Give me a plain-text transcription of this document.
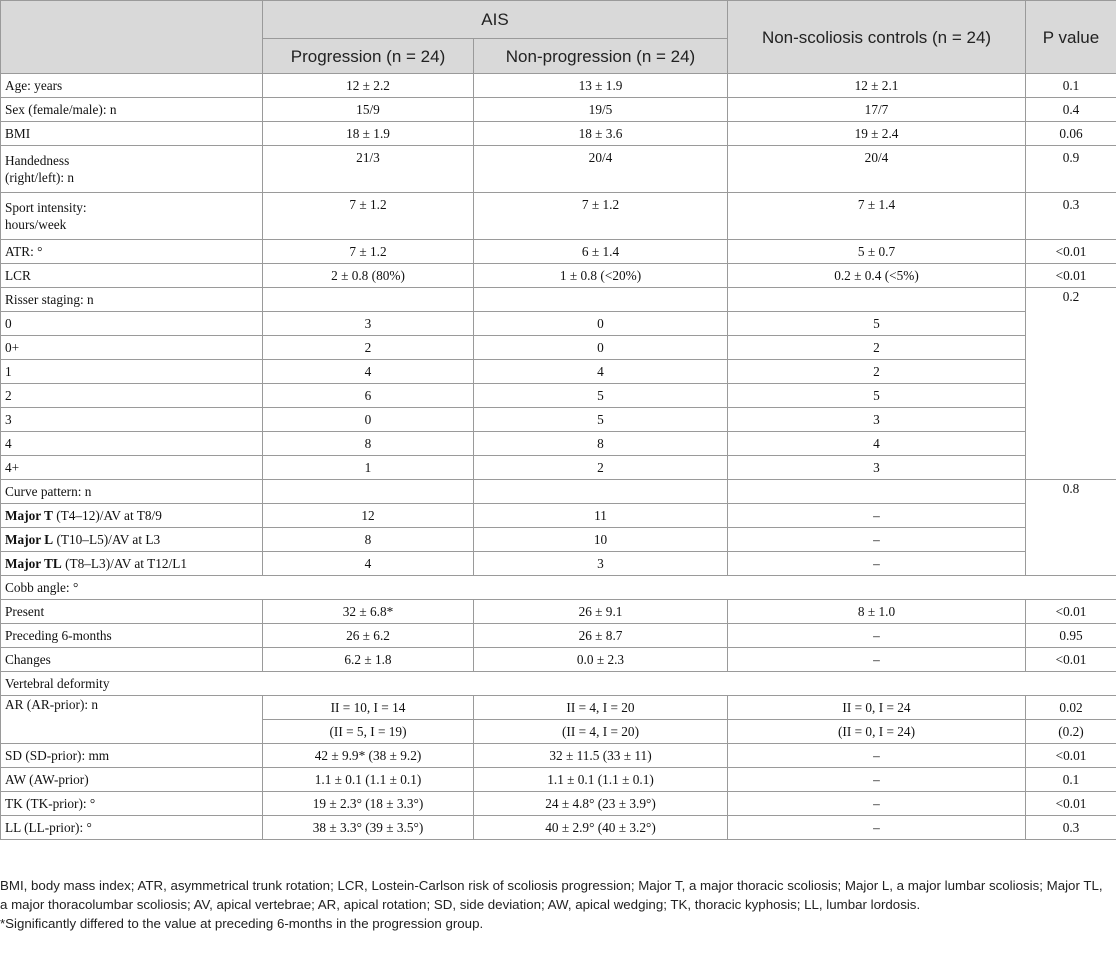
	AIS		Non-scoliosis controls (n = 24)	P value
	Progression (n = 24)	Non-progression (n = 24)		
Age: years	12 ± 2.2	13 ± 1.9	12 ± 2.1	0.1
Sex (female/male): n	15/9	19/5	17/7	0.4
BMI	18 ± 1.9	18 ± 3.6	19 ± 2.4	0.06
Handedness
(right/left): n	21/3	20/4	20/4	0.9
Sport intensity:
hours/week	7 ± 1.2	7 ± 1.2	7 ± 1.4	0.3
ATR: °	7 ± 1.2	6 ± 1.4	5 ± 0.7	<0.01
LCR	2 ± 0.8 (80%)	1 ± 0.8 (<20%)	0.2 ± 0.4 (<5%)	<0.01
Risser staging: n				0.2
0	3	0	5	
0+	2	0	2	
1	4	4	2	
2	6	5	5	
3	0	5	3	
4	8	8	4	
4+	1	2	3	
Curve pattern: n				0.8
Major T (T4–12)/AV at T8/9	12	11	–	
Major L (T10–L5)/AV at L3	8	10	–	
Major TL (T8–L3)/AV at T12/L1	4	3	–	
Cobb angle: °				
Present	32 ± 6.8*	26 ± 9.1	8 ± 1.0	<0.01
Preceding 6-months	26 ± 6.2	26 ± 8.7	–	0.95
Changes	6.2 ± 1.8	0.0 ± 2.3	–	<0.01
Vertebral deformity				
AR (AR-prior): n	II = 10, I = 14	II = 4, I = 20	II = 0, I = 24	0.02
	(II = 5, I = 19)	(II = 4, I = 20)	(II = 0, I = 24)	(0.2)
SD (SD-prior): mm	42 ± 9.9* (38 ± 9.2)	32 ± 11.5 (33 ± 11)	–	<0.01
AW (AW-prior)	1.1 ± 0.1 (1.1 ± 0.1)	1.1 ± 0.1 (1.1 ± 0.1)	–	0.1
TK (TK-prior): °	19 ± 2.3° (18 ± 3.3°)	24 ± 4.8° (23 ± 3.9°)	–	<0.01
LL (LL-prior): °	38 ± 3.3° (39 ± 3.5°)	40 ± 2.9° (40 ± 3.2°)	–	0.3

BMI, body mass index; ATR, asymmetrical trunk rotation; LCR, Lostein-Carlson risk of scoliosis progression; Major T, a major thoracic scoliosis; Major L, a major lumbar scoliosis; Major TL, a major thoracolumbar scoliosis; AV, apical vertebrae; AR, apical rotation; SD, side deviation; AW, apical wedging; TK, thoracic kyphosis; LL, lumbar lordosis.

*Significantly differed to the value at preceding 6-months in the progression group.
